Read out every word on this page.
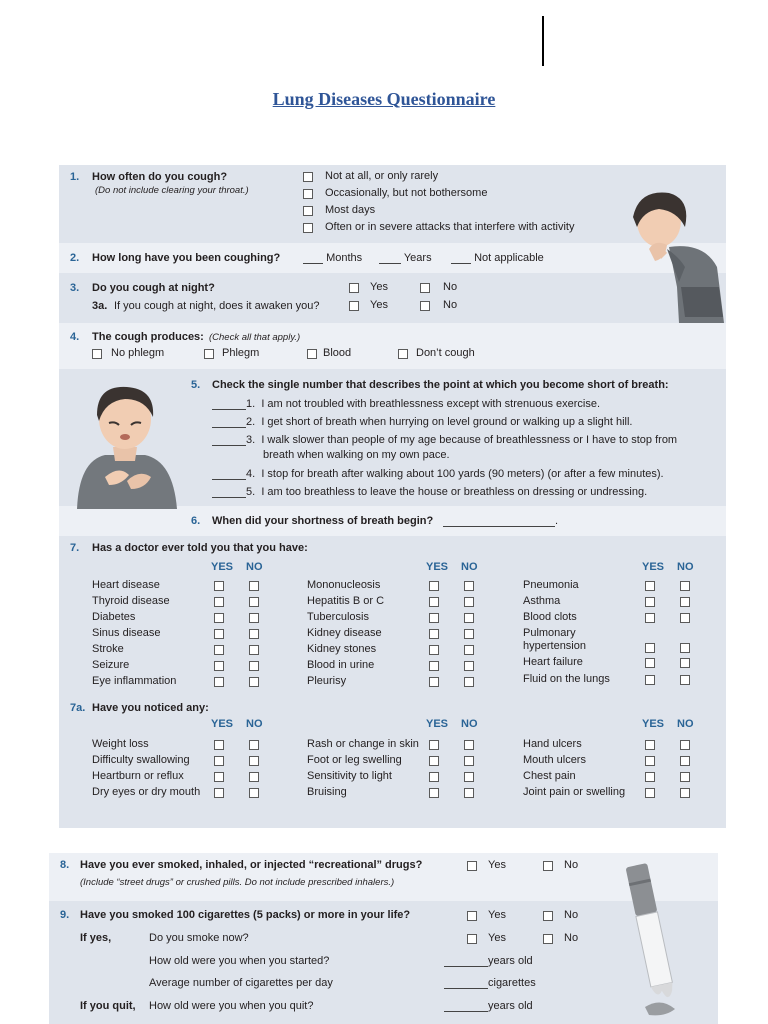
Lung Diseases Questionnaire
1. How often do you cough?
(Do not include clearing your throat.)
Not at all, or only rarely
Occasionally, but not bothersome
Most days
Often or in severe attacks that interfere with activity
2. How long have you been coughing?	Months	Years	Not applicable
3. Do you cough at night?	Yes	No
3a. If you cough at night, does it awaken you?	Yes	No
4. The cough produces: (Check all that apply.)
No phlegm	Phlegm	Blood	Don’t cough
5. Check the single number that describes the point at which you become short of breath:
1. I am not troubled with breathlessness except with strenuous exercise.
2. I get short of breath when hurrying on level ground or walking up a slight hill.
3. I walk slower than people of my age because of breathlessness or I have to stop from
breath when walking on my own pace.
4. I stop for breath after walking about 100 yards (90 meters) (or after a few minutes).
5. I am too breathless to leave the house or breathless on dressing or undressing.
6. When did your shortness of breath begin?	.
7. Has a doctor ever told you that you have:
YES NO
Heart disease
Thyroid disease
Diabetes
Sinus disease
Stroke
Seizure
Eye inflammation
YES NO
Mononucleosis
Hepatitis B or C
Tuberculosis
Kidney disease
Kidney stones
Blood in urine
Pleurisy
YES NO
Pneumonia
Asthma
Blood clots
Pulmonary
hypertension
Heart failure
Fluid on the lungs
7a. Have you noticed any:
YES NO
Weight loss
Difficulty swallowing
Heartburn or reflux
Dry eyes or dry mouth
YES NO
Rash or change in skin
Foot or leg swelling
Sensitivity to light
Bruising
YES NO
Hand ulcers
Mouth ulcers
Chest pain
Joint pain or swelling
8. Have you ever smoked, inhaled, or injected “recreational” drugs?
(Include “street drugs” or crushed pills. Do not include prescribed inhalers.)
Yes	No
9. Have you smoked 100 cigarettes (5 packs) or more in your life?	Yes	No
If yes,	Do you smoke now?	Yes	No
How old were you when you started?	years old
Average number of cigarettes per day	cigarettes
If you quit, How old were you when you quit?	years old
